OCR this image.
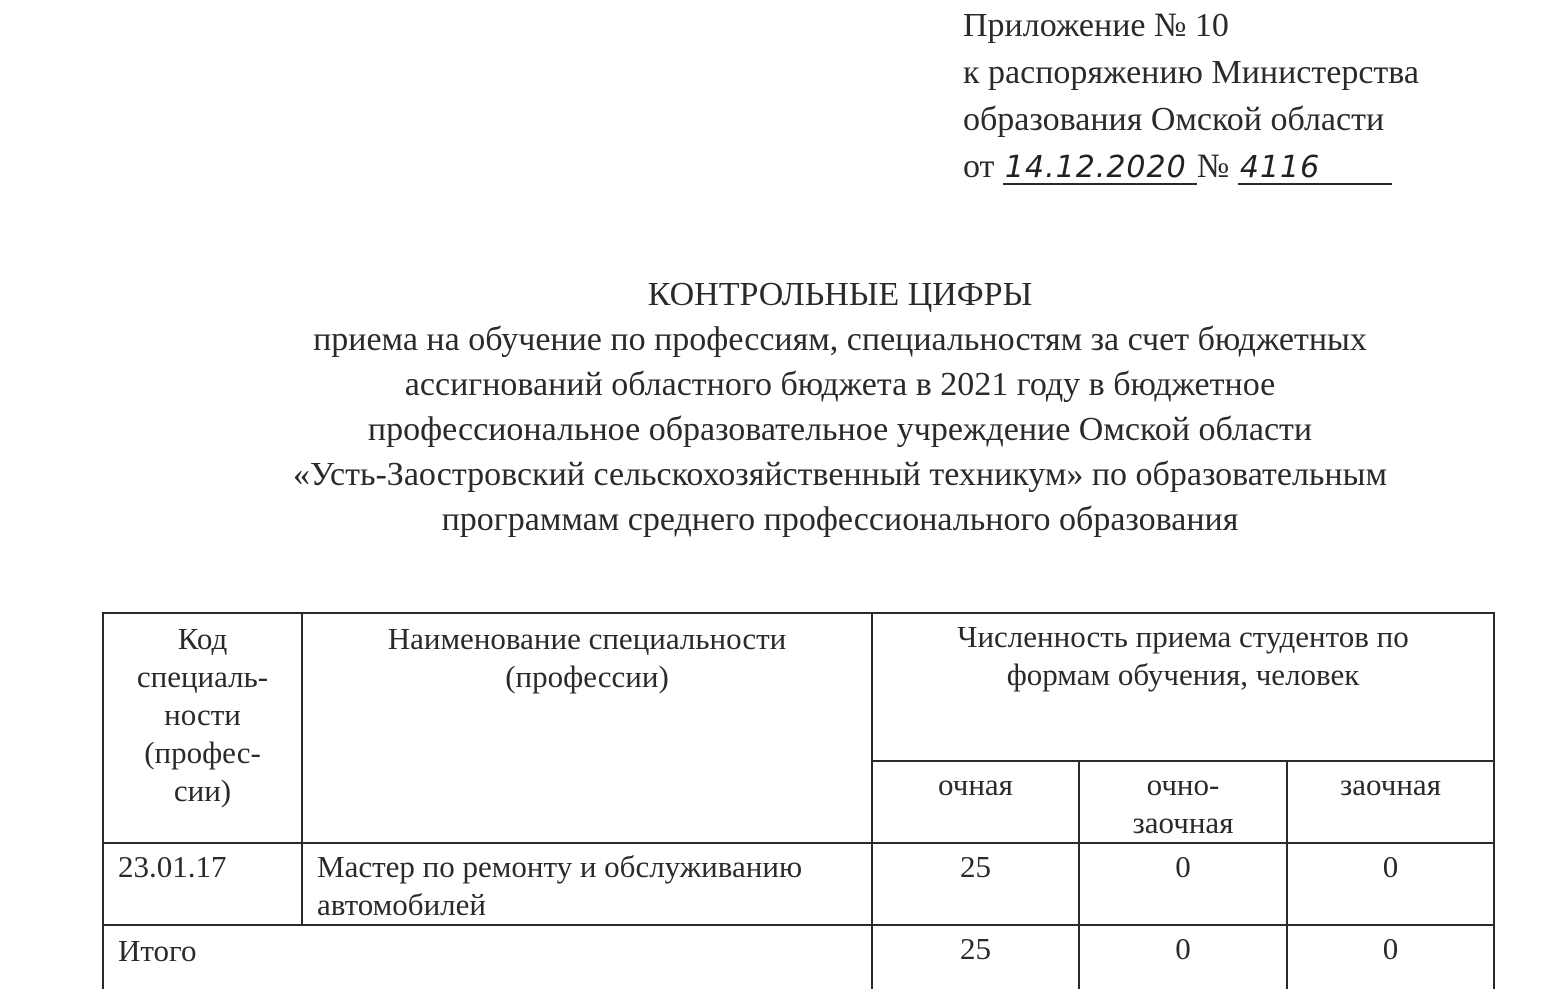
Приложение № 10
к распоряжению Министерства
образования Омской области
от 14.12.2020 № 4116
КОНТРОЛЬНЫЕ ЦИФРЫ
приема на обучение по профессиям, специальностям за счет бюджетных
ассигнований областного бюджета в 2021 году в бюджетное
профессиональное образовательное учреждение Омской области
«Усть-Заостровский сельскохозяйственный техникум» по образовательным
программам среднего профессионального образования
Код специаль-ности (профес-сии)	Наименование специальности (профессии)	Численность приема студентов по формам обучения, человек		
		очная	очно-заочная	заочная
23.01.17	Мастер по ремонту и обслуживанию автомобилей	25	0	0
Итого		25	0	0
